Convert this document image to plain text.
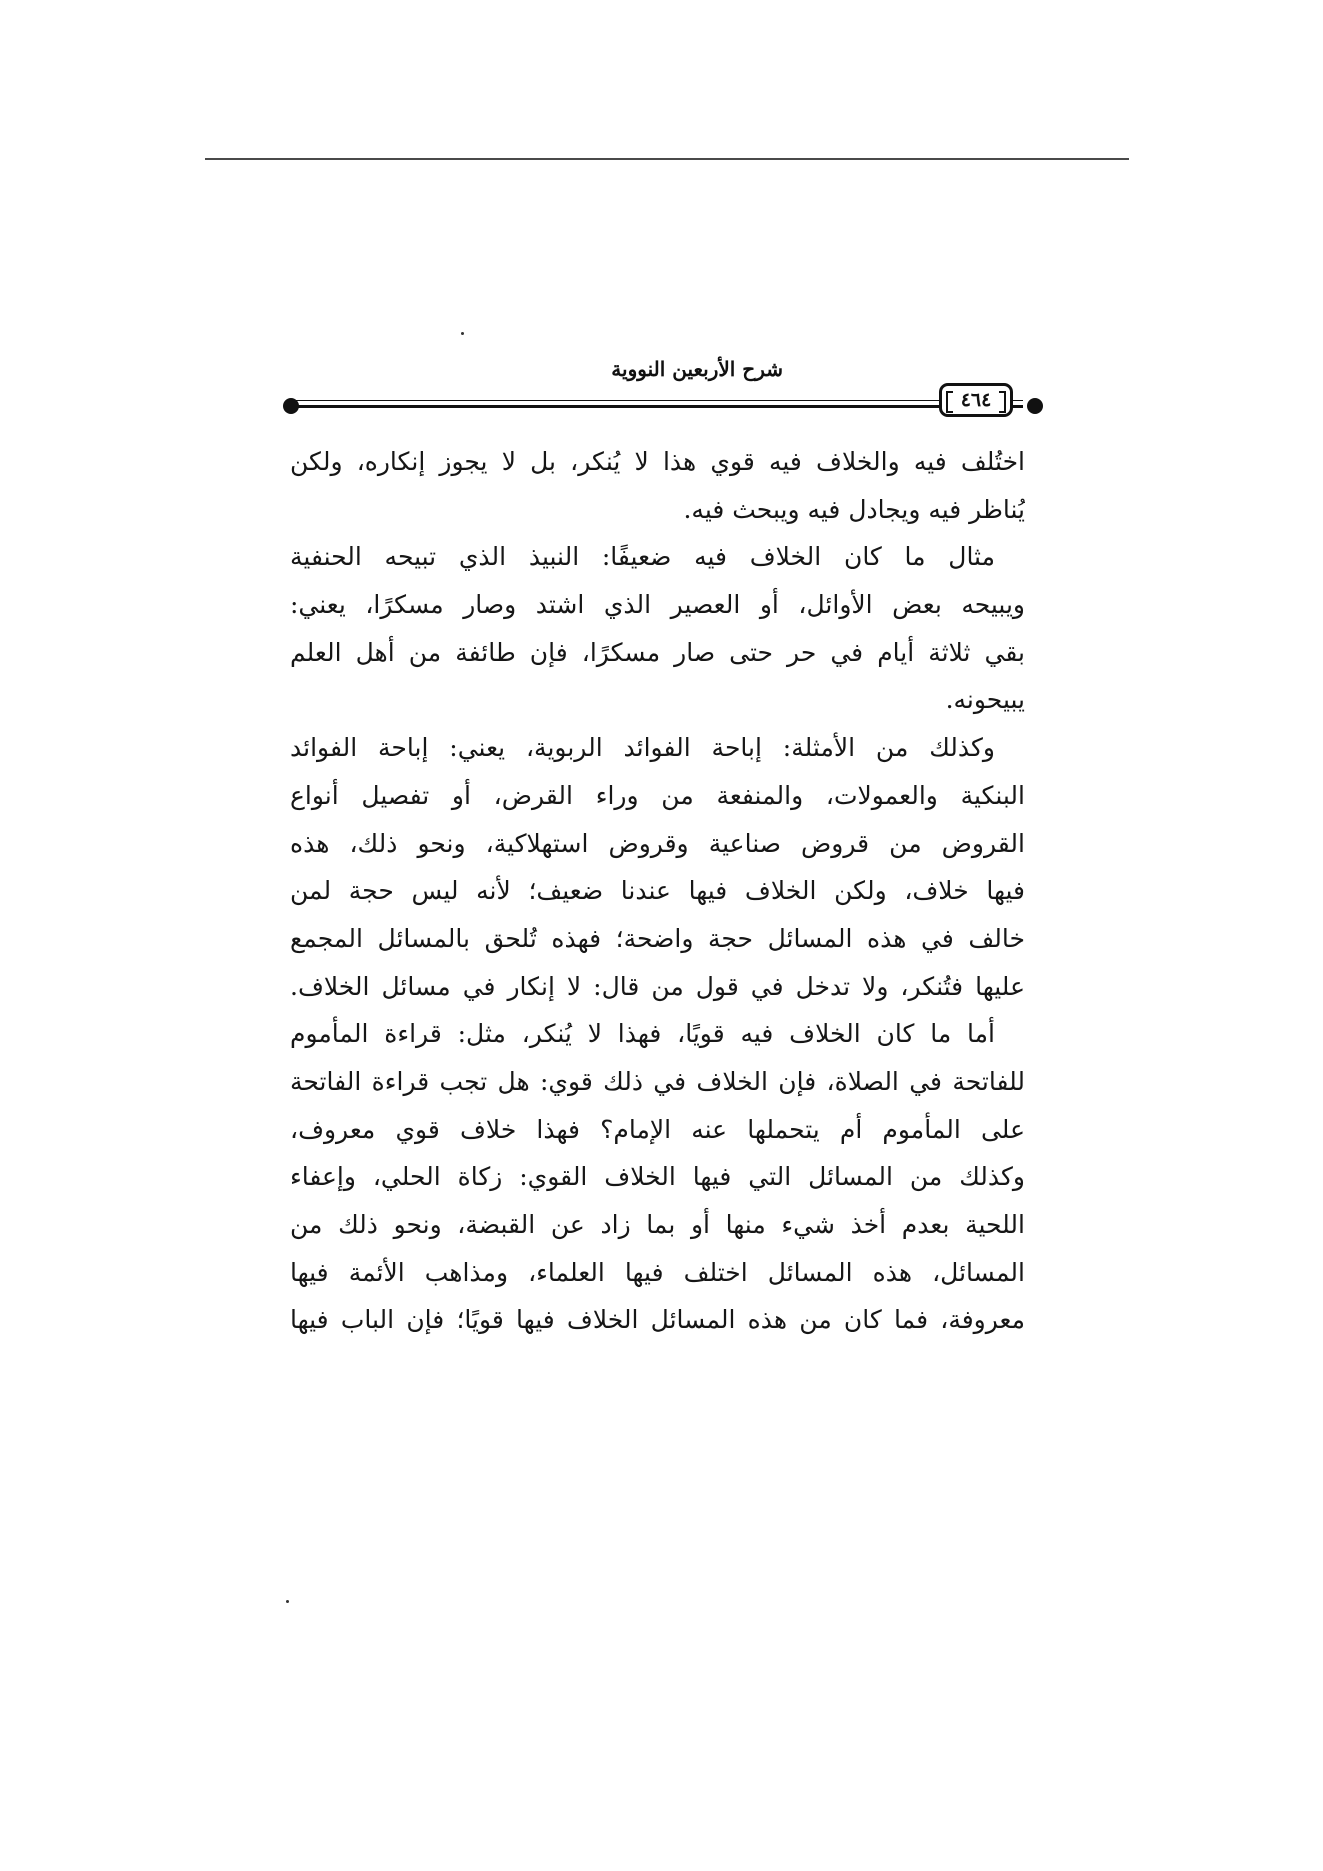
شرح الأربعين النووية
٤٦٤
اختُلف فيه والخلاف فيه قوي هذا لا يُنكر، بل لا يجوز إنكاره، ولكن
يُناظر فيه ويجادل فيه ويبحث فيه.
مثال ما كان الخلاف فيه ضعيفًا: النبيذ الذي تبيحه الحنفية
ويبيحه بعض الأوائل، أو العصير الذي اشتد وصار مسكرًا، يعني:
بقي ثلاثة أيام في حر حتى صار مسكرًا، فإن طائفة من أهل العلم
يبيحونه.
وكذلك من الأمثلة: إباحة الفوائد الربوية، يعني: إباحة الفوائد
البنكية والعمولات، والمنفعة من وراء القرض، أو تفصيل أنواع
القروض من قروض صناعية وقروض استهلاكية، ونحو ذلك، هذه
فيها خلاف، ولكن الخلاف فيها عندنا ضعيف؛ لأنه ليس حجة لمن
خالف في هذه المسائل حجة واضحة؛ فهذه تُلحق بالمسائل المجمع
عليها فتُنكر، ولا تدخل في قول من قال: لا إنكار في مسائل الخلاف.
أما ما كان الخلاف فيه قويًا، فهذا لا يُنكر، مثل: قراءة المأموم
للفاتحة في الصلاة، فإن الخلاف في ذلك قوي: هل تجب قراءة الفاتحة
على المأموم أم يتحملها عنه الإمام؟ فهذا خلاف قوي معروف،
وكذلك من المسائل التي فيها الخلاف القوي: زكاة الحلي، وإعفاء
اللحية بعدم أخذ شيء منها أو بما زاد عن القبضة، ونحو ذلك من
المسائل، هذه المسائل اختلف فيها العلماء، ومذاهب الأئمة فيها
معروفة، فما كان من هذه المسائل الخلاف فيها قويًا؛ فإن الباب فيها
